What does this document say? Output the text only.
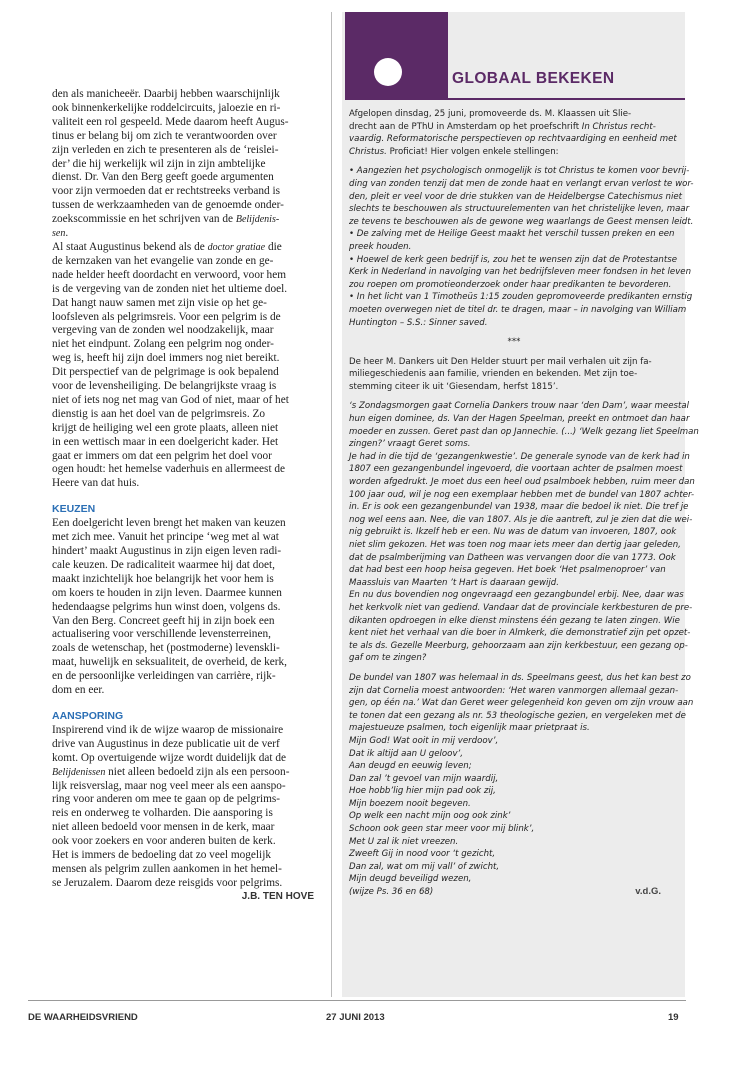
den als manicheeër. Daarbij hebben waarschijnlijk
ook binnenkerkelijke roddelcircuits, jaloezie en ri-
valiteit een rol gespeeld. Mede daarom heeft Augus-
tinus er belang bij om zich te verantwoorden over
zijn verleden en zich te presenteren als de ‘reislei-
der’ die hij werkelijk wil zijn in zijn ambtelijke
dienst. Dr. Van den Berg geeft goede argumenten
voor zijn vermoeden dat er rechtstreeks verband is
tussen de werkzaamheden van de genoemde onder-
zoekscommissie en het schrijven van de Belijdenis-
sen.
Al staat Augustinus bekend als de doctor gratiae die
de kernzaken van het evangelie van zonde en ge-
nade helder heeft doordacht en verwoord, voor hem
is de vergeving van de zonden niet het ultieme doel.
Dat hangt nauw samen met zijn visie op het ge-
loofsleven als pelgrimsreis. Voor een pelgrim is de
vergeving van de zonden wel noodzakelijk, maar
niet het eindpunt. Zolang een pelgrim nog onder-
weg is, heeft hij zijn doel immers nog niet bereikt.
Dit perspectief van de pelgrimage is ook bepalend
voor de levensheiliging. De belangrijkste vraag is
niet of iets nog net mag van God of niet, maar of het
dienstig is aan het doel van de pelgrimsreis. Zo
krijgt de heiliging wel een grote plaats, alleen niet
in een wettisch maar in een doelgericht kader. Het
gaat er immers om dat een pelgrim het doel voor
ogen houdt: het hemelse vaderhuis en allermeest de
Heere van dat huis.
KEUZEN
Een doelgericht leven brengt het maken van keuzen
met zich mee. Vanuit het principe ‘weg met al wat
hindert’ maakt Augustinus in zijn eigen leven radi-
cale keuzen. De radicaliteit waarmee hij dat doet,
maakt inzichtelijk hoe belangrijk het voor hem is
om koers te houden in zijn leven. Daarmee kunnen
hedendaagse pelgrims hun winst doen, volgens ds.
Van den Berg. Concreet geeft hij in zijn boek een
actualisering voor verschillende levensterreinen,
zoals de wetenschap, het (postmoderne) levenskli-
maat, huwelijk en seksualiteit, de overheid, de kerk,
en de persoonlijke verleidingen van carrière, rijk-
dom en eer.
AANSPORING
Inspirerend vind ik de wijze waarop de missionaire
drive van Augustinus in deze publicatie uit de verf
komt. Op overtuigende wijze wordt duidelijk dat de
Belijdenissen niet alleen bedoeld zijn als een persoon-
lijk reisverslag, maar nog veel meer als een aanspo-
ring voor anderen om mee te gaan op de pelgrims-
reis en onderweg te volharden. Die aansporing is
niet alleen bedoeld voor mensen in de kerk, maar
ook voor zoekers en voor anderen buiten de kerk.
Het is immers de bedoeling dat zo veel mogelijk
mensen als pelgrim zullen aankomen in het hemel-
se Jeruzalem. Daarom deze reisgids voor pelgrims.
J.B. TEN HOVE
GLOBAAL BEKEKEN
Afgelopen dinsdag, 25 juni, promoveerde ds. M. Klaassen uit Slie-
drecht aan de PThU in Amsterdam op het proefschrift In Christus recht-
vaardig. Reformatorische perspectieven op rechtvaardiging en eenheid met
Christus. Proficiat! Hier volgen enkele stellingen:
• Aangezien het psychologisch onmogelijk is tot Christus te komen voor bevrij-
ding van zonden tenzij dat men de zonde haat en verlangt ervan verlost te wor-
den, pleit er veel voor de drie stukken van de Heidelbergse Catechismus niet
slechts te beschouwen als structuurelementen van het christelijke leven, maar
ze tevens te beschouwen als de gewone weg waarlangs de Geest mensen leidt.
• De zalving met de Heilige Geest maakt het verschil tussen preken en een
preek houden.
• Hoewel de kerk geen bedrijf is, zou het te wensen zijn dat de Protestantse
Kerk in Nederland in navolging van het bedrijfsleven meer fondsen in het leven
zou roepen om promotieonderzoek onder haar predikanten te bevorderen.
• In het licht van 1 Timotheüs 1:15 zouden gepromoveerde predikanten ernstig
moeten overwegen niet de titel dr. te dragen, maar – in navolging van William
Huntington – S.S.: Sinner saved.
***
De heer M. Dankers uit Den Helder stuurt per mail verhalen uit zijn fa-
miliegeschiedenis aan familie, vrienden en bekenden. Met zijn toe-
stemming citeer ik uit ‘Giesendam, herfst 1815’.
‘s Zondagsmorgen gaat Cornelia Dankers trouw naar ‘den Dam’, waar meestal
hun eigen dominee, ds. Van der Hagen Speelman, preekt en ontmoet dan haar
moeder en zussen. Geret past dan op Jannechie. (...) ‘Welk gezang liet Speelman
zingen?’ vraagt Geret soms.
Je had in die tijd de ‘gezangenkwestie’. De generale synode van de kerk had in
1807 een gezangenbundel ingevoerd, die voortaan achter de psalmen moest
worden afgedrukt. Je moet dus een heel oud psalmboek hebben, ruim meer dan
100 jaar oud, wil je nog een exemplaar hebben met de bundel van 1807 achter-
in. Er is ook een gezangenbundel van 1938, maar die bedoel ik niet. Die tref je
nog wel eens aan. Nee, die van 1807. Als je die aantreft, zul je zien dat die wei-
nig gebruikt is. Ikzelf heb er een. Nu was de datum van invoeren, 1807, ook
niet slim gekozen. Het was toen nog maar iets meer dan dertig jaar geleden,
dat de psalmberijming van Datheen was vervangen door die van 1773. Ook
dat had best een hoop heisa gegeven. Het boek ‘Het psalmenoproer’ van
Maassluis van Maarten ’t Hart is daaraan gewijd.
En nu dus bovendien nog ongevraagd een gezangbundel erbij. Nee, daar was
het kerkvolk niet van gediend. Vandaar dat de provinciale kerkbesturen de pre-
dikanten opdroegen in elke dienst minstens één gezang te laten zingen. Wie
kent niet het verhaal van die boer in Almkerk, die demonstratief zijn pet opzet-
te als ds. Gezelle Meerburg, gehoorzaam aan zijn kerkbestuur, een gezang op-
gaf om te zingen?
De bundel van 1807 was helemaal in ds. Speelmans geest, dus het kan best zo
zijn dat Cornelia moest antwoorden: ‘Het waren vanmorgen allemaal gezan-
gen, op één na.’ Wat dan Geret weer gelegenheid kon geven om zijn vrouw aan
te tonen dat een gezang als nr. 53 theologische gezien, en vergeleken met de
majestueuze psalmen, toch eigenlijk maar prietpraat is.
Mijn God! Wat ooit in mij verdoov’,
Dat ik altijd aan U geloov’,
Aan deugd en eeuwig leven;
Dan zal ’t gevoel van mijn waardij,
Hoe hobb’lig hier mijn pad ook zij,
Mijn boezem nooit begeven.
Op welk een nacht mijn oog ook zink’
Schoon ook geen star meer voor mij blink’,
Met U zal ik niet vreezen.
Zweeft Gij in nood voor ‘t gezicht,
Dan zal, wat om mij vall’ of zwicht,
Mijn deugd beveiligd wezen,
(wijze Ps. 36 en 68)	v.d.G.
DE WAARHEIDSVRIEND	27 JUNI 2013	19
